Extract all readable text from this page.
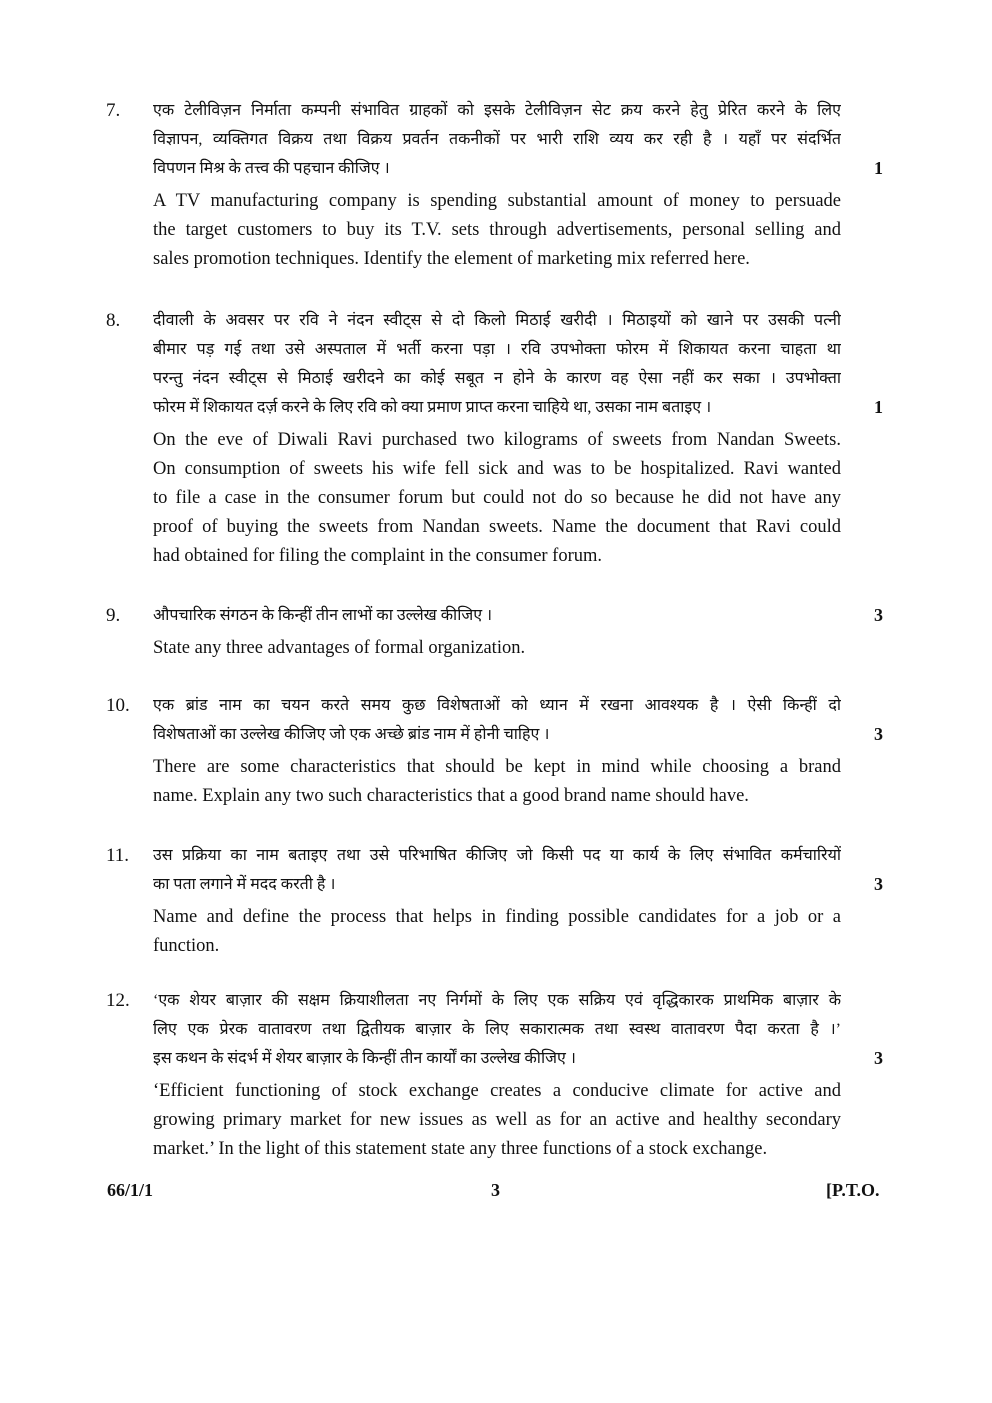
7. एक टेलीविज़न निर्माता कम्पनी संभावित ग्राहकों को इसके टेलीविज़न सेट क्रय करने हेतु प्रेरित करने के लिए
विज्ञापन, व्यक्तिगत विक्रय तथा विक्रय प्रवर्तन तकनीकों पर भारी राशि व्यय कर रही है । यहाँ पर संदर्भित
विपणन मिश्र के तत्त्व की पहचान कीजिए ।
A TV manufacturing company is spending substantial amount of money to persuade
the target customers to buy its T.V. sets through advertisements, personal selling and
sales promotion techniques. Identify the element of marketing mix referred here.
1
8. दीवाली के अवसर पर रवि ने नंदन स्वीट्स से दो किलो मिठाई खरीदी । मिठाइयों को खाने पर उसकी पत्नी
बीमार पड़ गई तथा उसे अस्पताल में भर्ती करना पड़ा । रवि उपभोक्ता फोरम में शिकायत करना चाहता था
परन्तु नंदन स्वीट्स से मिठाई खरीदने का कोई सबूत न होने के कारण वह ऐसा नहीं कर सका । उपभोक्ता
फोरम में शिकायत दर्ज़ करने के लिए रवि को क्या प्रमाण प्राप्त करना चाहिये था, उसका नाम बताइए ।
On the eve of Diwali Ravi purchased two kilograms of sweets from Nandan Sweets.
On consumption of sweets his wife fell sick and was to be hospitalized. Ravi wanted
to file a case in the consumer forum but could not do so because he did not have any
proof of buying the sweets from Nandan sweets. Name the document that Ravi could
had obtained for filing the complaint in the consumer forum.
1
9. औपचारिक संगठन के किन्हीं तीन लाभों का उल्लेख कीजिए ।
State any three advantages of formal organization.
3
10. एक ब्रांड नाम का चयन करते समय कुछ विशेषताओं को ध्यान में रखना आवश्यक है । ऐसी किन्हीं दो
विशेषताओं का उल्लेख कीजिए जो एक अच्छे ब्रांड नाम में होनी चाहिए ।
There are some characteristics that should be kept in mind while choosing a brand
name. Explain any two such characteristics that a good brand name should have.
3
11. उस प्रक्रिया का नाम बताइए तथा उसे परिभाषित कीजिए जो किसी पद या कार्य के लिए संभावित कर्मचारियों
का पता लगाने में मदद करती है ।
Name and define the process that helps in finding possible candidates for a job or a
function.
3
12. ‘एक शेयर बाज़ार की सक्षम क्रियाशीलता नए निर्गमों के लिए एक सक्रिय एवं वृद्धिकारक प्राथमिक बाज़ार के
लिए एक प्रेरक वातावरण तथा द्वितीयक बाज़ार के लिए सकारात्मक तथा स्वस्थ वातावरण पैदा करता है ।’
इस कथन के संदर्भ में शेयर बाज़ार के किन्हीं तीन कार्यों का उल्लेख कीजिए ।
‘Efficient functioning of stock exchange creates a conducive climate for active and
growing primary market for new issues as well as for an active and healthy secondary
market.’ In the light of this statement state any three functions of a stock exchange.
3
66/1/1	3	[P.T.O.
